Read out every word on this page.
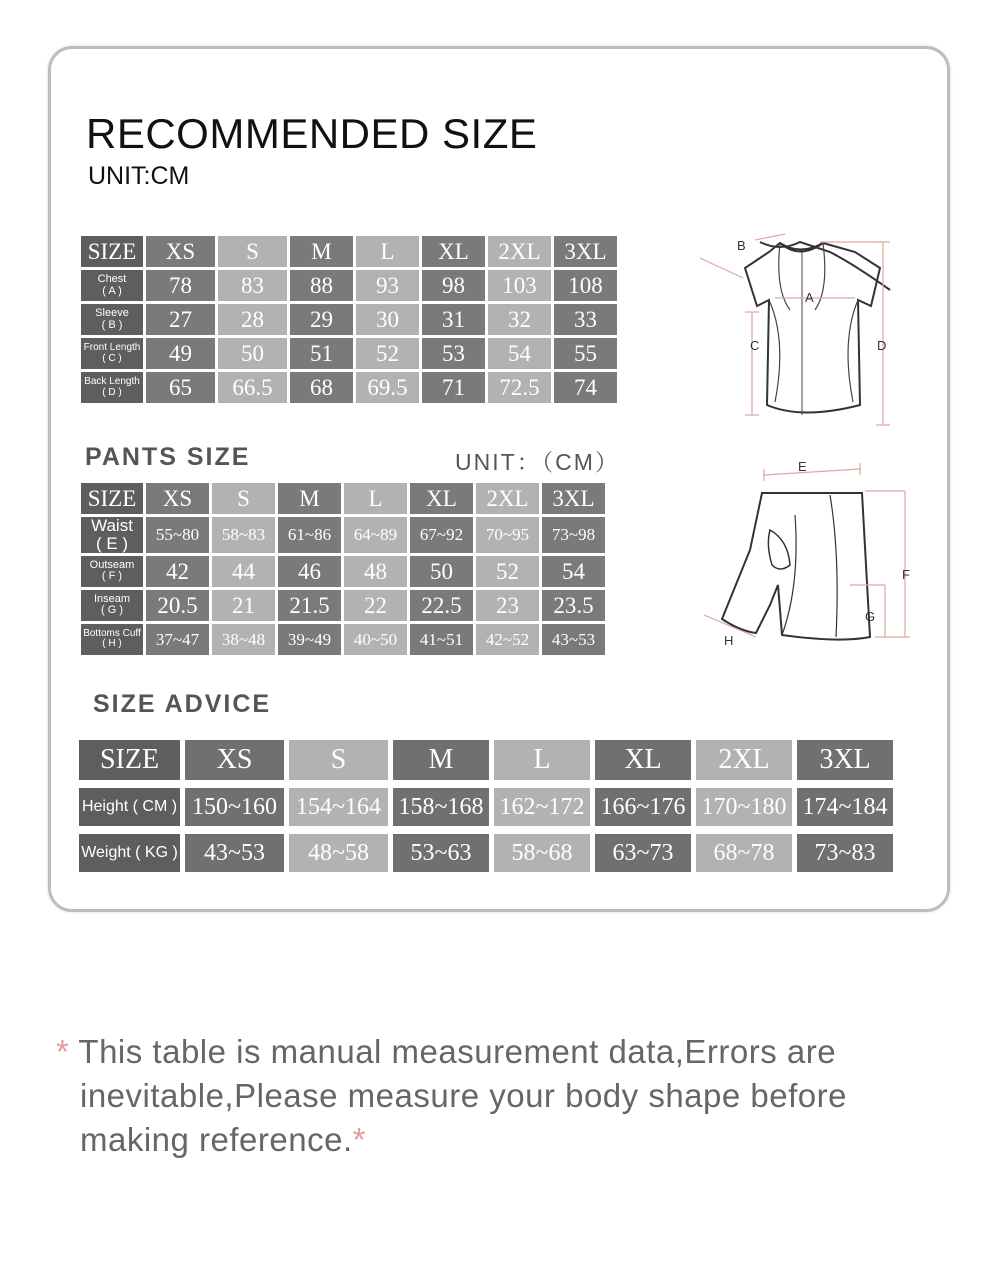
RECOMMENDED SIZE
UNIT:CM
SIZE	XS	S	M	L	XL	2XL	3XL

Chest
( A )	78	83	88	93	98	103	108

Sleeve
( B )	27	28	29	30	31	32	33

Front Length
( C )	49	50	51	52	53	54	55

Back Length
( D )	65	66.5	68	69.5	71	72.5	74
B
A
C	D
PANTS SIZE	UNIT：（CM）
SIZE	XS	S	M	L	XL	2XL	3XL

Waist
( E )	55~80	58~83	61~86	64~89	67~92	70~95	73~98

Outseam
( F )	42	44	46	48	50	52	54

Inseam
( G )	20.5	21	21.5	22	22.5	23	23.5

Bottoms Cuff
( H )	37~47	38~48	39~49	40~50	41~51	42~52	43~53
E
F
G
H
SIZE ADVICE
SIZE	XS	S	M	L	XL	2XL	3XL
Height ( CM )	150~160	154~164	158~168	162~172	166~176	170~180	174~184
Weight ( KG )	43~53	48~58	53~63	58~68	63~73	68~78	73~83
* This table is manual measurement data,Errors are
inevitable,Please measure your body shape before
making reference.*
